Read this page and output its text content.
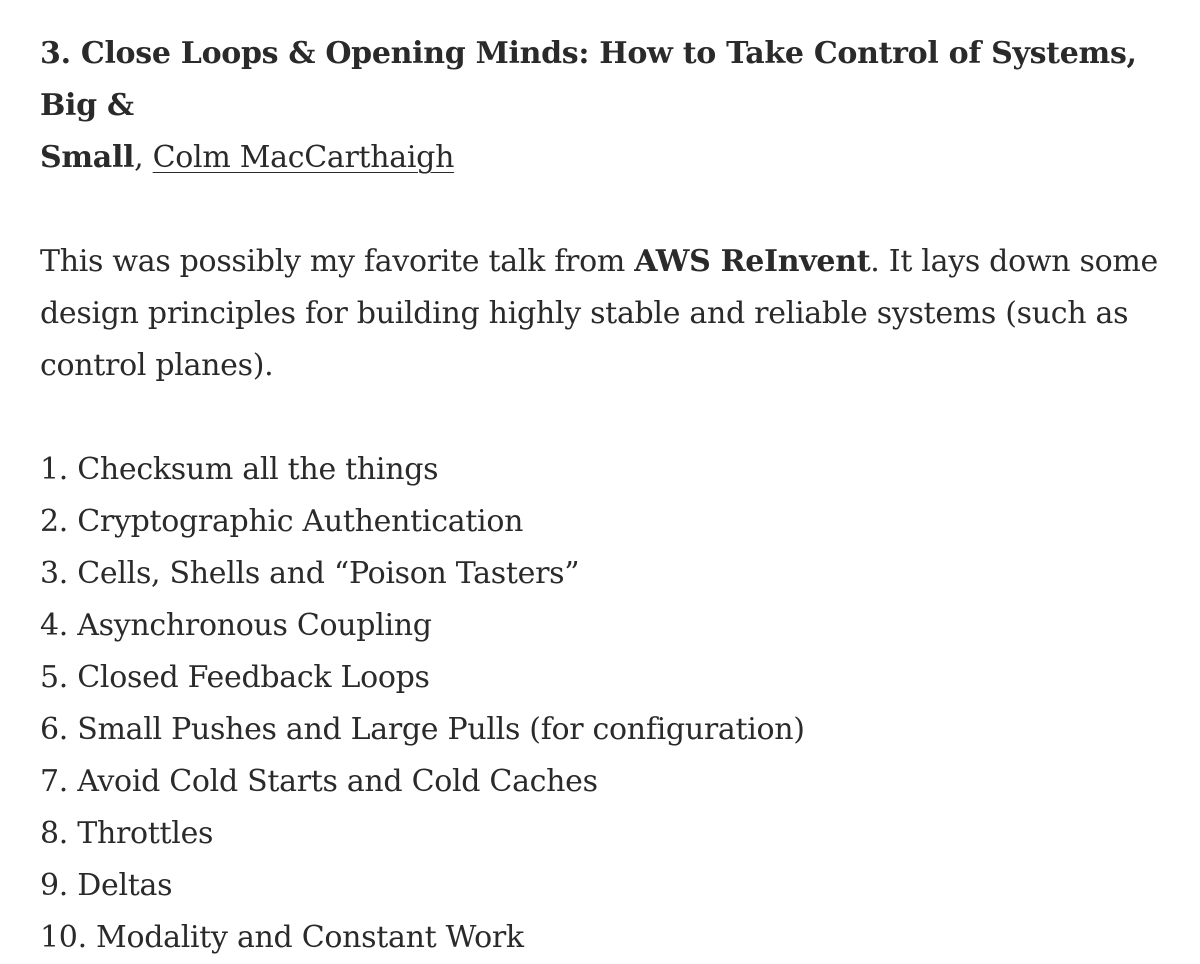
3. Close Loops & Opening Minds: How to Take Control of Systems, Big &
Small, Colm MacCarthaigh

This was possibly my favorite talk from AWS ReInvent. It lays down some
design principles for building highly stable and reliable systems (such as
control planes).

1. Checksum all the things
2. Cryptographic Authentication
3. Cells, Shells and “Poison Tasters”
4. Asynchronous Coupling
5. Closed Feedback Loops
6. Small Pushes and Large Pulls (for configuration)
7. Avoid Cold Starts and Cold Caches
8. Throttles
9. Deltas
10. Modality and Constant Work
